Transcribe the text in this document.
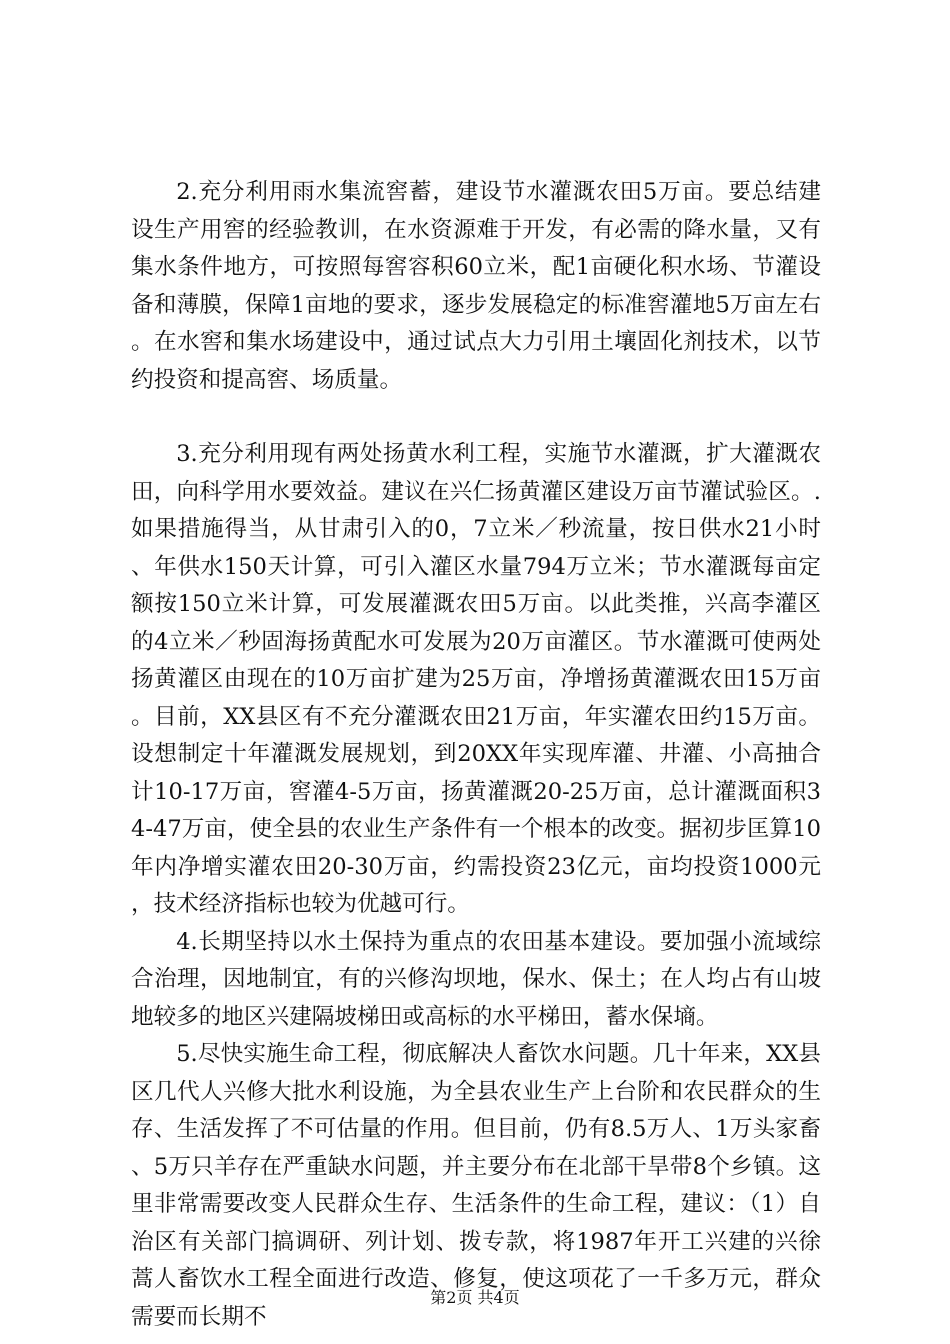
2.充分利用雨水集流窖蓄，建设节水灌溉农田5万亩。要总结建设生产用窖的经验教训，在水资源难于开发，有必需的降水量，又有集水条件地方，可按照每窖容积60立米，配1亩硬化积水场、节灌设备和薄膜，保障1亩地的要求，逐步发展稳定的标准窖灌地5万亩左右。在水窖和集水场建设中，通过试点大力引用土壤固化剂技术，以节约投资和提高窖、场质量。

3.充分利用现有两处扬黄水利工程，实施节水灌溉，扩大灌溉农田，向科学用水要效益。建议在兴仁扬黄灌区建设万亩节灌试验区。.如果措施得当，从甘肃引入的0，7立米／秒流量，按日供水21小时、年供水150天计算，可引入灌区水量794万立米；节水灌溉每亩定额按150立米计算，可发展灌溉农田5万亩。以此类推，兴高李灌区的4立米／秒固海扬黄配水可发展为20万亩灌区。节水灌溉可使两处扬黄灌区由现在的10万亩扩建为25万亩，净增扬黄灌溉农田15万亩。目前，XX县区有不充分灌溉农田21万亩，年实灌农田约15万亩。设想制定十年灌溉发展规划，到20XX年实现库灌、井灌、小高抽合计10-17万亩，窖灌4-5万亩，扬黄灌溉20-25万亩，总计灌溉面积34-47万亩，使全县的农业生产条件有一个根本的改变。据初步匡算10年内净增实灌农田20-30万亩，约需投资23亿元，亩均投资1000元，技术经济指标也较为优越可行。

4.长期坚持以水土保持为重点的农田基本建设。要加强小流域综合治理，因地制宜，有的兴修沟坝地，保水、保土；在人均占有山坡地较多的地区兴建隔坡梯田或高标的水平梯田，蓄水保墒。

5.尽快实施生命工程，彻底解决人畜饮水问题。几十年来，XX县区几代人兴修大批水利设施，为全县农业生产上台阶和农民群众的生存、生活发挥了不可估量的作用。但目前，仍有8.5万人、1万头家畜、5万只羊存在严重缺水问题，并主要分布在北部干旱带8个乡镇。这里非常需要改变人民群众生存、生活条件的生命工程，建议：（1）自治区有关部门搞调研、列计划、拨专款，将1987年开工兴建的兴徐蒿人畜饮水工程全面进行改造、修复，使这项花了一千多万元，群众需要而长期不

第2页 共4页
